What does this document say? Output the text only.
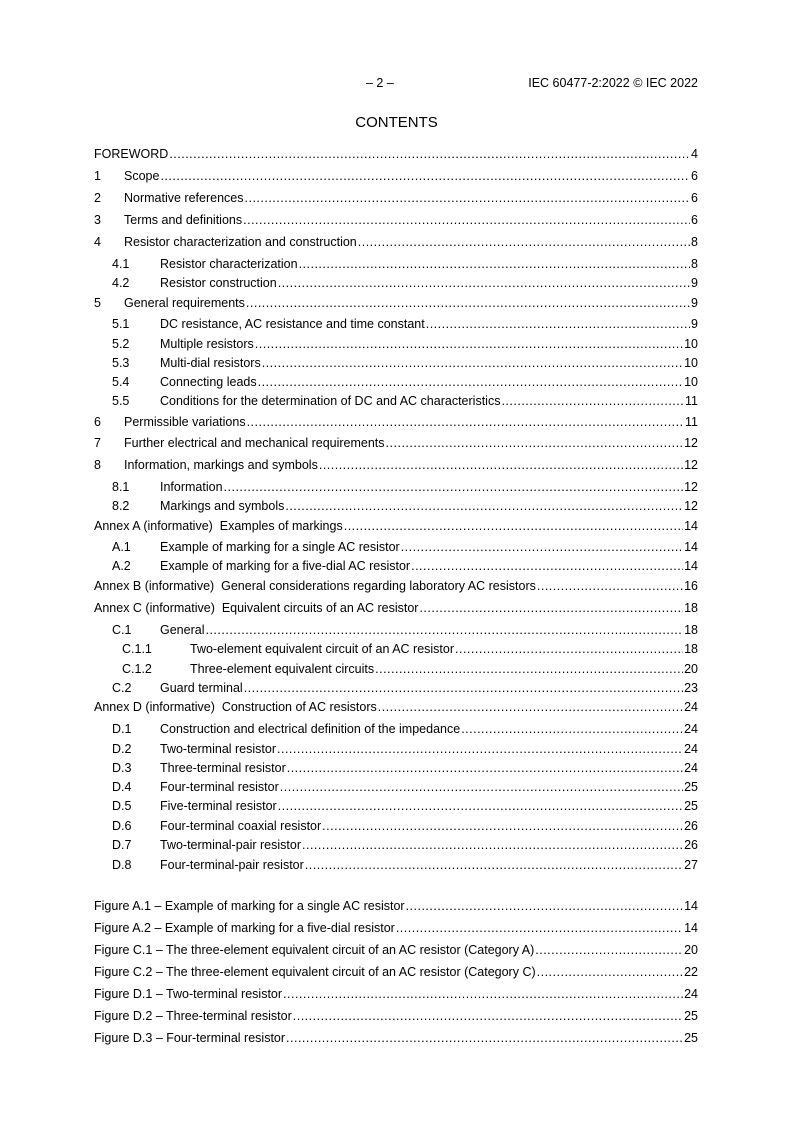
– 2 –	IEC 60477-2:2022 © IEC 2022
CONTENTS
FOREWORD .....	4
1	Scope .....	6
2	Normative references .....	6
3	Terms and definitions .....	6
4	Resistor characterization and construction .....	8
4.1	Resistor characterization .....	8
4.2	Resistor construction .....	9
5	General requirements .....	9
5.1	DC resistance, AC resistance and time constant .....	9
5.2	Multiple resistors .....	10
5.3	Multi-dial resistors .....	10
5.4	Connecting leads .....	10
5.5	Conditions for the determination of DC and AC characteristics .....	11
6	Permissible variations .....	11
7	Further electrical and mechanical requirements .....	12
8	Information, markings and symbols .....	12
8.1	Information .....	12
8.2	Markings and symbols .....	12
Annex A (informative)  Examples of markings .....	14
A.1	Example of marking for a single AC resistor .....	14
A.2	Example of marking for a five-dial AC resistor .....	14
Annex B (informative)  General considerations regarding laboratory AC resistors .....	16
Annex C (informative)  Equivalent circuits of an AC resistor .....	18
C.1	General .....	18
C.1.1	Two-element equivalent circuit of an AC resistor .....	18
C.1.2	Three-element equivalent circuits .....	20
C.2	Guard terminal .....	23
Annex D (informative)  Construction of AC resistors .....	24
D.1	Construction and electrical definition of the impedance .....	24
D.2	Two-terminal resistor .....	24
D.3	Three-terminal resistor .....	24
D.4	Four-terminal resistor .....	25
D.5	Five-terminal resistor .....	25
D.6	Four-terminal coaxial resistor .....	26
D.7	Two-terminal-pair resistor .....	26
D.8	Four-terminal-pair resistor .....	27
Figure A.1 – Example of marking for a single AC resistor .....	14
Figure A.2 – Example of marking for a five-dial resistor .....	14
Figure C.1 – The three-element equivalent circuit of an AC resistor (Category A) .....	20
Figure C.2 – The three-element equivalent circuit of an AC resistor (Category C) .....	22
Figure D.1 – Two-terminal resistor .....	24
Figure D.2 – Three-terminal resistor .....	25
Figure D.3 – Four-terminal resistor .....	25
